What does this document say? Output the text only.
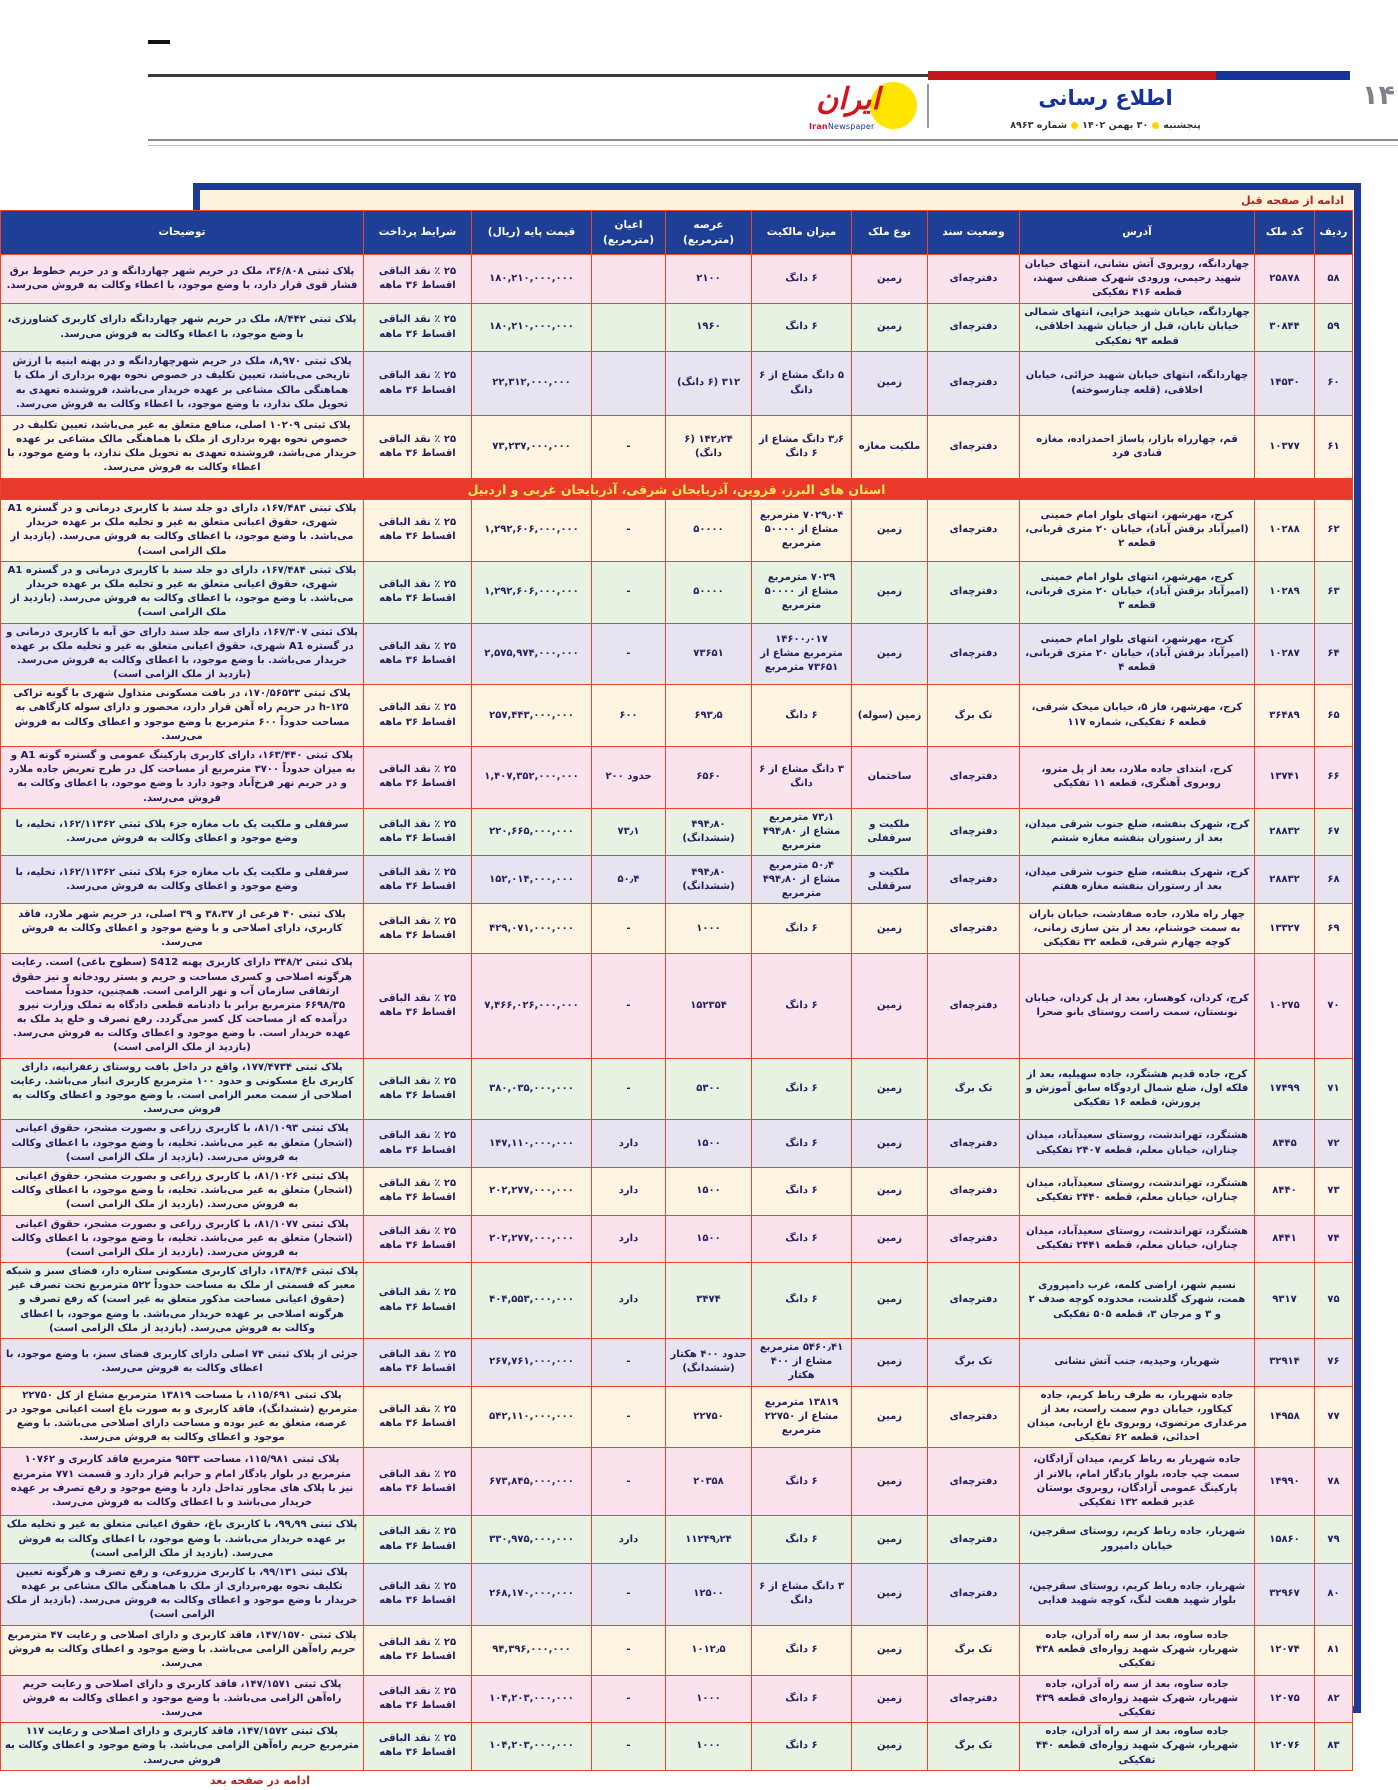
ایران
IranNewspaper
اطلاع رسانی
پنجشنبه۳۰ بهمن ۱۴۰۲شماره ۸۹۶۳
۱۴
ادامه از صفحه قبل
ردیف	کد ملک	آدرس	وضعیت سند	نوع ملک	میزان مالکیت	عرصه (مترمربع)	اعیان
(مترمربع)	قیمت پایه (ریال)	شرایط پرداخت	توضیحات
۵۸	۲۵۸۷۸	چهاردانگه، روبروی آتش نشانی، انتهای خیابان شهید رحیمی، ورودی شهرک صنفی سهند، قطعه ۴۱۶ تفکیکی	دفترچه‌ای	زمین	۶ دانگ	۲۱۰۰		۱۸۰,۲۱۰,۰۰۰,۰۰۰	۲۵ ٪ نقد الباقی
اقساط ۳۶ ماهه	پلاک ثبتی ۳۶/۸۰۸، ملک در حریم شهر چهاردانگه و در حریم خطوط برق فشار قوی قرار دارد، با وضع موجود، با اعطاء وکالت به فروش می‌رسد.
۵۹	۳۰۸۴۴	چهاردانگه، خیابان شهید خزایی، انتهای شمالی خیابان تابان، قبل از خیابان شهید اخلاقی، قطعه ۹۳ تفکیکی	دفترچه‌ای	زمین	۶ دانگ	۱۹۶۰		۱۸۰,۲۱۰,۰۰۰,۰۰۰	۲۵ ٪ نقد الباقی
اقساط ۳۶ ماهه	پلاک ثبتی ۸/۴۴۲، ملک در حریم شهر چهاردانگه دارای کاربری کشاورزی، با وضع موجود، با اعطاء وکالت به فروش می‌رسد.
۶۰	۱۴۵۳۰	چهاردانگه، انتهای خیابان شهید خزائی، خیابان اخلاقی، (قلعه چنارسوخته)	دفترچه‌ای	زمین	۵ دانگ مشاع از ۶ دانگ	۳۱۲ (۶ دانگ)		۲۲,۳۱۲,۰۰۰,۰۰۰	۲۵ ٪ نقد الباقی
اقساط ۳۶ ماهه	پلاک ثبتی ۸,۹۷۰، ملک در حریم شهرچهاردانگه و در پهنه ابنیه با ارزش تاریخی می‌باشد، تعیین تکلیف در خصوص نحوه بهره برداری از ملک با هماهنگی مالک مشاعی بر عهده خریدار می‌باشد، فروشنده تعهدی به تحویل ملک ندارد، با وضع موجود، با اعطاء وکالت به فروش می‌رسد.
۶۱	۱۰۳۷۷	قم، چهارراه بازار، پاساژ احمدزاده، مغازه قنادی فرد	دفترچه‌ای	ملکیت مغازه	۳٫۶ دانگ مشاع از ۶ دانگ	۱۴۲٫۲۴ (۶ دانگ)	-	۷۳,۲۳۷,۰۰۰,۰۰۰	۲۵ ٪ نقد الباقی
اقساط ۳۶ ماهه	پلاک ثبتی ۱۰۲۰۹ اصلی، منافع متعلق به غیر می‌باشد، تعیین تکلیف در خصوص نحوه بهره برداری از ملک با هماهنگی مالک مشاعی بر عهده خریدار می‌باشد، فروشنده تعهدی به تحویل ملک ندارد، با وضع موجود، با اعطاء وکالت به فروش می‌رسد.
استان های البرز، قزوین، آذربایجان شرقی، آذربایجان غربی و اردبیل										
۶۲	۱۰۲۸۸	کرج، مهرشهر، انتهای بلوار امام خمینی (امیرآباد بزقش آباد)، خیابان ۲۰ متری قربانی، قطعه ۲	دفترچه‌ای	زمین	۷۰۲۹٫۰۴ مترمربع مشاع از ۵۰۰۰۰ مترمربع	۵۰۰۰۰	-	۱,۲۹۲,۶۰۶,۰۰۰,۰۰۰	۲۵ ٪ نقد الباقی
اقساط ۳۶ ماهه	پلاک ثبتی ۱۶۷/۴۸۳، دارای دو جلد سند با کاربری درمانی و در گستره A1 شهری، حقوق اعیانی متعلق به غیر و تخلیه ملک بر عهده خریدار می‌باشد. با وضع موجود، با اعطای وکالت به فروش می‌رسد. (بازدید از ملک الزامی است)
۶۳	۱۰۲۸۹	کرج، مهرشهر، انتهای بلوار امام خمینی (امیرآباد بزقش آباد)، خیابان ۲۰ متری قربانی، قطعه ۳	دفترچه‌ای	زمین	۷۰۲۹ مترمربع مشاع از ۵۰۰۰۰ مترمربع	۵۰۰۰۰	-	۱,۲۹۲,۶۰۶,۰۰۰,۰۰۰	۲۵ ٪ نقد الباقی
اقساط ۳۶ ماهه	پلاک ثبتی ۱۶۷/۴۸۴، دارای دو جلد سند با کاربری درمانی و در گستره A1 شهری، حقوق اعیانی متعلق به غیر و تخلیه ملک بر عهده خریدار می‌باشد. با وضع موجود، با اعطای وکالت به فروش می‌رسد. (بازدید از ملک الزامی است)
۶۴	۱۰۲۸۷	کرج، مهرشهر، انتهای بلوار امام خمینی (امیرآباد بزقش آباد)، خیابان ۲۰ متری قربانی، قطعه ۴	دفترچه‌ای	زمین	۱۴۶۰۰٫۰۱۷ مترمربع مشاع از ۷۳۶۵۱ مترمربع	۷۳۶۵۱	-	۲,۵۷۵,۹۷۴,۰۰۰,۰۰۰	۲۵ ٪ نقد الباقی
اقساط ۳۶ ماهه	پلاک ثبتی ۱۶۷/۳۰۷، دارای سه جلد سند دارای حق آبه با کاربری درمانی و در گستره A1 شهری، حقوق اعیانی متعلق به غیر و تخلیه ملک بر عهده خریدار می‌باشد. با وضع موجود، با اعطای وکالت به فروش می‌رسد. (بازدید از ملک الزامی است)
۶۵	۳۶۴۸۹	کرج، مهرشهر، فاز ۵، خیابان میخک شرقی، قطعه ۶ تفکیکی، شماره ۱۱۷	تک برگ	زمین (سوله)	۶ دانگ	۶۹۳٫۵	۶۰۰	۲۵۷,۴۴۳,۰۰۰,۰۰۰	۲۵ ٪ نقد الباقی
اقساط ۳۶ ماهه	پلاک ثبتی ۱۷۰/۵۶۵۳۳، در بافت مسکونی متداول شهری با گونه تراکی h-۱۲۵ در حریم راه آهن قرار دارد، محصور و دارای سوله کارگاهی به مساحت حدوداً ۶۰۰ مترمربع با وضع موجود و اعطای وکالت به فروش می‌رسد.
۶۶	۱۳۷۴۱	کرج، ابتدای جاده ملارد، بعد از پل مترو، روبروی آهنگری، قطعه ۱۱ تفکیکی	دفترچه‌ای	ساختمان	۳ دانگ مشاع از ۶ دانگ	۶۵۶۰	حدود ۲۰۰	۱,۴۰۷,۳۵۲,۰۰۰,۰۰۰	۲۵ ٪ نقد الباقی
اقساط ۳۶ ماهه	پلاک ثبتی ۱۶۳/۴۴۰، دارای کاربری پارکینگ عمومی و گستره گونه A1 و به میزان حدوداً ۳۷۰۰ مترمربع از مساحت کل در طرح تعریض جاده ملارد و در حریم نهر فرخ‌آباد وجود دارد با وضع موجود، با اعطای وکالت به فروش می‌رسد.
۶۷	۲۸۸۳۲	کرج، شهرک بنفشه، ضلع جنوب شرقی میدان، بعد از رستوران بنفشه مغازه ششم	دفترچه‌ای	ملکیت و سرقفلی	۷۳٫۱ مترمربع مشاع از ۴۹۴٫۸۰ مترمربع	۴۹۴٫۸۰ (ششدانگ)	۷۳٫۱	۲۲۰,۶۶۵,۰۰۰,۰۰۰	۲۵ ٪ نقد الباقی
اقساط ۳۶ ماهه	سرقفلی و ملکیت یک باب مغازه جزء پلاک ثبتی ۱۶۲/۱۱۳۶۲، تخلیه، با وضع موجود و اعطای وکالت به فروش می‌رسد.
۶۸	۲۸۸۳۲	کرج، شهرک بنفشه، ضلع جنوب شرقی میدان، بعد از رستوران بنفشه مغازه هفتم	دفترچه‌ای	ملکیت و سرقفلی	۵۰٫۴ مترمربع مشاع از ۴۹۴٫۸۰ مترمربع	۴۹۴٫۸۰ (ششدانگ)	۵۰٫۴	۱۵۲,۰۱۴,۰۰۰,۰۰۰	۲۵ ٪ نقد الباقی
اقساط ۳۶ ماهه	سرقفلی و ملکیت یک باب مغازه جزء پلاک ثبتی ۱۶۲/۱۱۳۶۲، تخلیه، با وضع موجود و اعطای وکالت به فروش می‌رسد.
۶۹	۱۳۳۲۷	چهار راه ملارد، جاده صفادشت، خیابان باران به سمت خوشنام، بعد از بتن سازی زمانی، کوچه چهارم شرقی، قطعه ۳۲ تفکیکی	دفترچه‌ای	زمین	۶ دانگ	۱۰۰۰	-	۴۲۹,۰۷۱,۰۰۰,۰۰۰	۲۵ ٪ نقد الباقی
اقساط ۳۶ ماهه	پلاک ثبتی ۴۰ فرعی از ۳۸،۳۷ و ۳۹ اصلی، در حریم شهر ملارد، فاقد کاربری، دارای اصلاحی و با وضع موجود و اعطای وکالت به فروش می‌رسد.
۷۰	۱۰۲۷۵	کرج، کردان، کوهسار، بعد از پل کردان، خیابان نونستان، سمت راست روستای بانو صحرا	دفترچه‌ای	زمین	۶ دانگ	۱۵۲۳۵۴	-	۷,۴۶۶,۰۲۶,۰۰۰,۰۰۰	۲۵ ٪ نقد الباقی
اقساط ۳۶ ماهه	پلاک ثبتی ۳۴۸/۲ دارای کاربری پهنه S412 (سطوح باغی) است. رعایت هرگونه اصلاحی و کسری مساحت و حریم و بستر رودخانه و نیز حقوق ارتفاقی سازمان آب و نهر الزامی است. همچنین، حدوداً مساحت ۶۶۹۸/۳۵ مترمربع برابر با دادنامه قطعی دادگاه به تملک وزارت نیرو درآمده که از مساحت کل کسر می‌گردد. رفع تصرف و خلع ید ملک به عهده خریدار است. با وضع موجود و اعطای وکالت به فروش می‌رسد. (بازدید از ملک الزامی است)
۷۱	۱۷۴۹۹	کرج، جاده قدیم هشتگرد، جاده سهیلیه، بعد از فلکه اول، ضلع شمال اردوگاه سابق آموزش و پرورش، قطعه ۱۶ تفکیکی	تک برگ	زمین	۶ دانگ	۵۳۰۰	-	۳۸۰,۰۳۵,۰۰۰,۰۰۰	۲۵ ٪ نقد الباقی
اقساط ۳۶ ماهه	پلاک ثبتی ۱۷۷/۴۷۳۴، واقع در داخل بافت روستای زعفرانیه، دارای کاربری باغ مسکونی و حدود ۱۰۰ مترمربع کاربری انبار می‌باشد. رعایت اصلاحی از سمت معبر الزامی است. با وضع موجود و اعطای وکالت به فروش می‌رسد.
۷۲	۸۴۴۵	هشتگرد، تهراندشت، روستای سعیدآباد، میدان چناران، خیابان معلم، قطعه ۲۴۰۷ تفکیکی	دفترچه‌ای	زمین	۶ دانگ	۱۵۰۰	دارد	۱۴۷,۱۱۰,۰۰۰,۰۰۰	۲۵ ٪ نقد الباقی
اقساط ۳۶ ماهه	پلاک ثبتی ۸۱/۱۰۹۳، با کاربری زراعی و بصورت مشجر، حقوق اعیانی (اشجار) متعلق به غیر می‌باشد. تخلیه، با وضع موجود، با اعطای وکالت به فروش می‌رسد. (بازدید از ملک الزامی است)
۷۳	۸۴۴۰	هشتگرد، تهراندشت، روستای سعیدآباد، میدان چناران، خیابان معلم، قطعه ۲۴۴۰ تفکیکی	دفترچه‌ای	زمین	۶ دانگ	۱۵۰۰	دارد	۲۰۲,۲۷۷,۰۰۰,۰۰۰	۲۵ ٪ نقد الباقی
اقساط ۳۶ ماهه	پلاک ثبتی ۸۱/۱۰۲۶، با کاربری زراعی و بصورت مشجر، حقوق اعیانی (اشجار) متعلق به غیر می‌باشد. تخلیه، با وضع موجود، با اعطای وکالت به فروش می‌رسد. (بازدید از ملک الزامی است)
۷۴	۸۴۴۱	هشتگرد، تهراندشت، روستای سعیدآباد، میدان چناران، خیابان معلم، قطعه ۲۴۴۱ تفکیکی	دفترچه‌ای	زمین	۶ دانگ	۱۵۰۰	دارد	۲۰۲,۲۷۷,۰۰۰,۰۰۰	۲۵ ٪ نقد الباقی
اقساط ۳۶ ماهه	پلاک ثبتی ۸۱/۱۰۷۷، با کاربری زراعی و بصورت مشجر، حقوق اعیانی (اشجار) متعلق به غیر می‌باشد. تخلیه، با وضع موجود، با اعطای وکالت به فروش می‌رسد. (بازدید از ملک الزامی است)
۷۵	۹۳۱۷	نسیم شهر، اراضی کلمه، غرب دامپروری همت، شهرک گلدشت، محدوده کوچه صدف ۲ و ۳ و مرجان ۳، قطعه ۵۰۵ تفکیکی	دفترچه‌ای	زمین	۶ دانگ	۳۴۷۴	دارد	۴۰۴,۵۵۳,۰۰۰,۰۰۰	۲۵ ٪ نقد الباقی
اقساط ۳۶ ماهه	پلاک ثبتی ۱۳۸/۴۶، دارای کاربری مسکونی ستاره دار، فضای سبز و شبکه معبر که قسمتی از ملک به مساحت حدوداً ۵۲۲ مترمربع تحت تصرف غیر (حقوق اعیانی مساحت مذکور متعلق به غیر است) که رفع تصرف و هرگونه اصلاحی بر عهده خریدار می‌باشد. با وضع موجود، با اعطای وکالت به فروش می‌رسد. (بازدید از ملک الزامی است)
۷۶	۳۲۹۱۴	شهریار، وحیدیه، جنب آتش نشانی	تک برگ	زمین	۵۴۶۰٫۴۱ مترمربع مشاع از ۴۰۰ هکتار	حدود ۴۰۰ هکتار (ششدانگ)	-	۲۶۷,۷۶۱,۰۰۰,۰۰۰	۲۵ ٪ نقد الباقی
اقساط ۳۶ ماهه	جزئی از پلاک ثبتی ۷۴ اصلی دارای کاربری فضای سبز، با وضع موجود، با اعطای وکالت به فروش می‌رسد.
۷۷	۱۴۹۵۸	جاده شهریار، به طرف رباط کریم، جاده کیکاور، خیابان دوم سمت راست، بعد از مرغداری مرتضوی، روبروی باغ اربابی، میدان احدائی، قطعه ۶۲ تفکیکی	دفترچه‌ای	زمین	۱۳۸۱۹ مترمربع مشاع از ۲۲۷۵۰ مترمربع	۲۲۷۵۰	-	۵۴۲,۱۱۰,۰۰۰,۰۰۰	۲۵ ٪ نقد الباقی
اقساط ۳۶ ماهه	پلاک ثبتی ۱۱۵/۶۹۱، با مساحت ۱۳۸۱۹ مترمربع مشاع از کل ۲۲۷۵۰ مترمربع (ششدانگ)، فاقد کاربری و به صورت باغ است اعیانی موجود در عرصه، متعلق به غیر بوده و مساحت دارای اصلاحی می‌باشد. با وضع موجود و اعطای وکالت به فروش می‌رسد.
۷۸	۱۴۹۹۰	جاده شهریار به رباط کریم، میدان آزادگان، سمت چپ جاده، بلوار یادگار امام، بالاتر از پارکینگ عمومی آزادگان، روبروی بوستان غدیر قطعه ۱۳۲ تفکیکی	دفترچه‌ای	زمین	۶ دانگ	۲۰۳۵۸	-	۶۷۳,۸۴۵,۰۰۰,۰۰۰	۲۵ ٪ نقد الباقی
اقساط ۳۶ ماهه	پلاک ثبتی ۱۱۵/۹۸۱، مساحت ۹۵۳۳ مترمربع فاقد کاربری و ۱۰۷۶۲ مترمربع در بلوار یادگار امام و حرایم قرار دارد و قسمت ۷۷۱ مترمربع نیز با پلاک های مجاور تداخل دارد با وضع موجود و رفع تصرف بر عهده خریدار می‌باشد و با اعطای وکالت به فروش می‌رسد.
۷۹	۱۵۸۶۰	شهریار، جاده رباط کریم، روستای سقرچین، خیابان دامپرور	دفترچه‌ای	زمین	۶ دانگ	۱۱۲۴۹٫۲۴	دارد	۳۳۰,۹۷۵,۰۰۰,۰۰۰	۲۵ ٪ نقد الباقی
اقساط ۳۶ ماهه	پلاک ثبتی ۹۹٫۹۹، با کاربری باغ، حقوق اعیانی متعلق به غیر و تخلیه ملک بر عهده خریدار می‌باشد. با وضع موجود، با اعطای وکالت به فروش می‌رسد. (بازدید از ملک الزامی است)
۸۰	۳۲۹۶۷	شهریار، جاده رباط کریم، روستای سقرچین، بلوار شهید هفت لنگ، کوچه شهید فدایی	دفترچه‌ای	زمین	۳ دانگ مشاع از ۶ دانگ	۱۲۵۰۰	-	۲۶۸,۱۷۰,۰۰۰,۰۰۰	۲۵ ٪ نقد الباقی
اقساط ۳۶ ماهه	پلاک ثبتی ۹۹/۱۳۱، با کاربری مزروعی، و رفع تصرف و هرگونه تعیین تکلیف نحوه بهره‌برداری از ملک با هماهنگی مالک مشاعی بر عهده خریدار با وضع موجود و اعطای وکالت به فروش می‌رسد. (بازدید از ملک الزامی است)
۸۱	۱۲۰۷۴	جاده ساوه، بعد از سه راه آدران، جاده شهریار، شهرک شهید زواره‌ای قطعه ۴۳۸ تفکیکی	تک برگ	زمین	۶ دانگ	۱۰۱۲٫۵	-	۹۴,۳۹۶,۰۰۰,۰۰۰	۲۵ ٪ نقد الباقی
اقساط ۳۶ ماهه	پلاک ثبتی ۱۴۷/۱۵۷۰، فاقد کاربری و دارای اصلاحی و رعایت ۴۷ مترمربع حریم راه‌آهن الزامی می‌باشد. با وضع موجود و اعطای وکالت به فروش می‌رسد.
۸۲	۱۲۰۷۵	جاده ساوه، بعد از سه راه آدران، جاده شهریار، شهرک شهید زواره‌ای قطعه ۴۳۹ تفکیکی	دفترچه‌ای	زمین	۶ دانگ	۱۰۰۰	-	۱۰۴,۲۰۳,۰۰۰,۰۰۰	۲۵ ٪ نقد الباقی
اقساط ۳۶ ماهه	پلاک ثبتی ۱۴۷/۱۵۷۱، فاقد کاربری و دارای اصلاحی و رعایت حریم راه‌آهن الزامی می‌باشد. با وضع موجود و اعطای وکالت به فروش می‌رسد.
۸۳	۱۲۰۷۶	جاده ساوه، بعد از سه راه آدران، جاده شهریار، شهرک شهید زواره‌ای قطعه ۴۴۰ تفکیکی	تک برگ	زمین	۶ دانگ	۱۰۰۰	-	۱۰۴,۲۰۳,۰۰۰,۰۰۰	۲۵ ٪ نقد الباقی
اقساط ۳۶ ماهه	پلاک ثبتی ۱۴۷/۱۵۷۲، فاقد کاربری و دارای اصلاحی و رعایت ۱۱۷ مترمربع حریم راه‌آهن الزامی می‌باشد. با وضع موجود و اعطای وکالت به فروش می‌رسد.
ادامه در صفحه بعد
